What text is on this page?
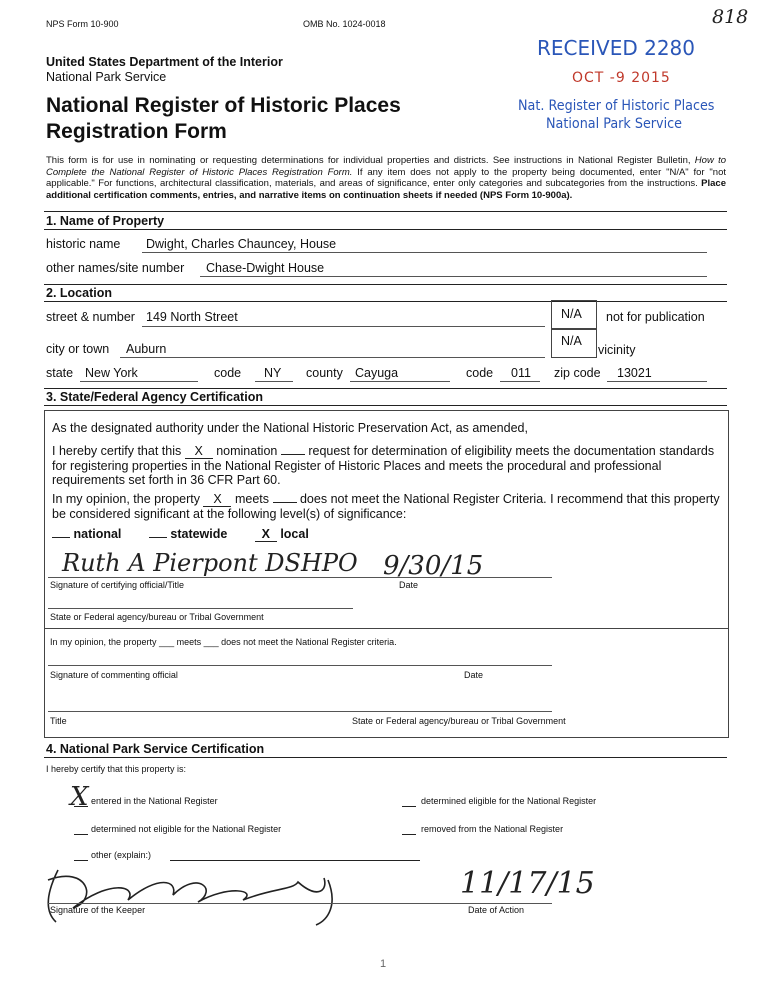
NPS Form 10-900	OMB No. 1024-0018	818
United States Department of the Interior
National Park Service
National Register of Historic Places
Registration Form
RECEIVED 2280
OCT -9 2015
Nat. Register of Historic Places
National Park Service
This form is for use in nominating or requesting determinations for individual properties and districts. See instructions in National Register Bulletin, How to Complete the National Register of Historic Places Registration Form. If any item does not apply to the property being documented, enter "N/A" for "not applicable." For functions, architectural classification, materials, and areas of significance, enter only categories and subcategories from the instructions. Place additional certification comments, entries, and narrative items on continuation sheets if needed (NPS Form 10-900a).
1. Name of Property
historic name Dwight, Charles Chauncey, House
other names/site number Chase-Dwight House
2. Location
street & number 149 North Street	N/A not for publication
city or town Auburn
N/A
vicinity
state New York	code NY county Cayuga	code 011 zip code 13021
3. State/Federal Agency Certification
As the designated authority under the National Historic Preservation Act, as amended,
I hereby certify that this X nomination request for determination of eligibility meets the documentation standards
for registering properties in the National Register of Historic Places and meets the procedural and professional
requirements set forth in 36 CFR Part 60.
In my opinion, the property X meets does not meet the National Register Criteria. I recommend that this property
be considered significant at the following level(s) of significance:
national	statewide	X local
Ruth A Pierpont DSHPO 9/30/15
Signature of certifying official/Title	Date
State or Federal agency/bureau or Tribal Government
In my opinion, the property ___ meets ___ does not meet the National Register criteria.
Signature of commenting official	Date
Title	State or Federal agency/bureau or Tribal Government
4. National Park Service Certification
I hereby certify that this property is:
X entered in the National Register	determined eligible for the National Register
determined not eligible for the National Register	removed from the National Register
other (explain:)
Signature of the Keeper
11/17/15
Date of Action
1
